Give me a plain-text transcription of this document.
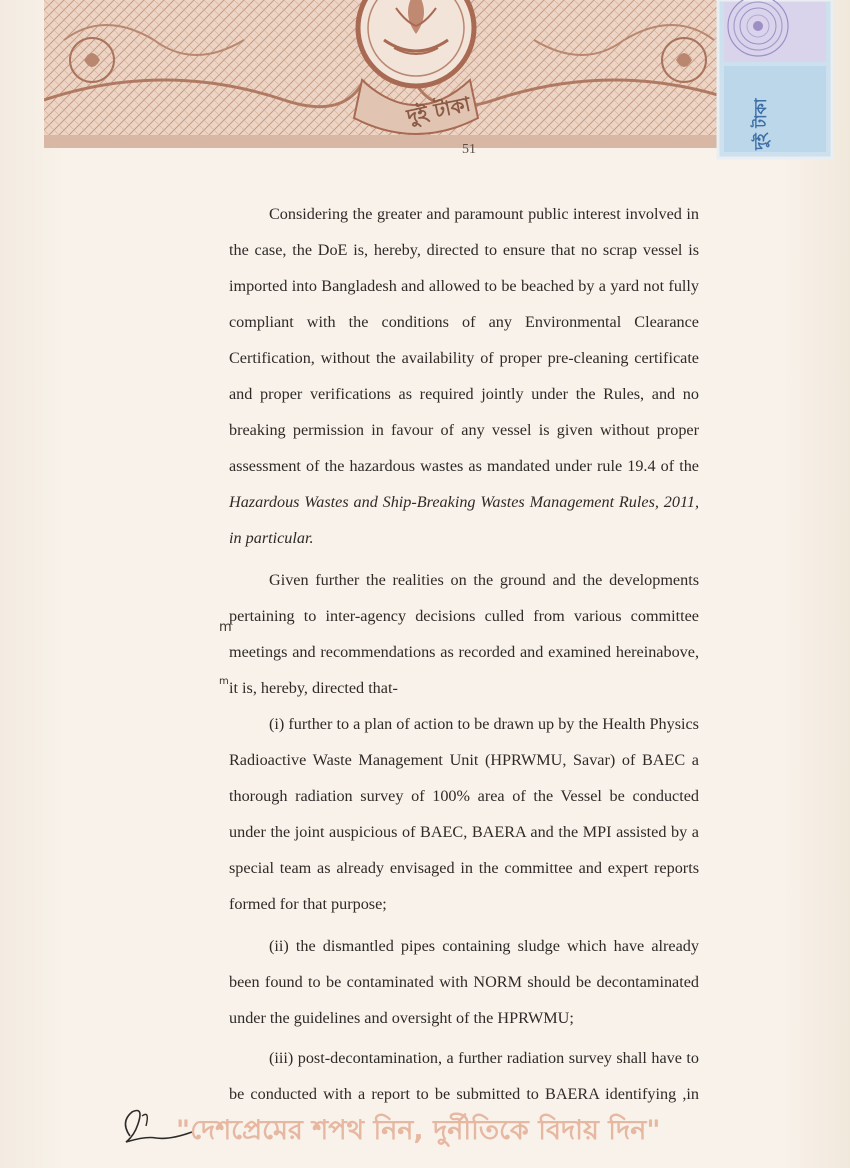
দুই টাকা	দুই টাকা
51
Considering the greater and paramount public interest involved in
the case, the DoE is, hereby, directed to ensure that no scrap vessel is
imported into Bangladesh and allowed to be beached by a yard not fully
compliant with the conditions of any Environmental Clearance
Certification, without the availability of proper pre-cleaning certificate
and proper verifications as required jointly under the Rules, and no
breaking permission in favour of any vessel is given without proper
assessment of the hazardous wastes as mandated under rule 19.4 of the
Hazardous Wastes and Ship-Breaking Wastes Management Rules, 2011,
in particular.
Given further the realities on the ground and the developments
pertaining to inter-agency decisions culled from various committee
meetings and recommendations as recorded and examined hereinabove,
it is, hereby, directed that-
m
m
(i) further to a plan of action to be drawn up by the Health Physics
Radioactive Waste Management Unit (HPRWMU, Savar) of BAEC a
thorough radiation survey of 100% area of the Vessel be conducted
under the joint auspicious of BAEC, BAERA and the MPI assisted by a
special team as already envisaged in the committee and expert reports
formed for that purpose;
(ii) the dismantled pipes containing sludge which have already
been found to be contaminated with NORM should be decontaminated
under the guidelines and oversight of the HPRWMU;
(iii) post-decontamination, a further radiation survey shall have to
be conducted with a report to be submitted to BAERA identifying ,in
"দেশপ্রেমের শপথ নিন, দুর্নীতিকে বিদায় দিন"
